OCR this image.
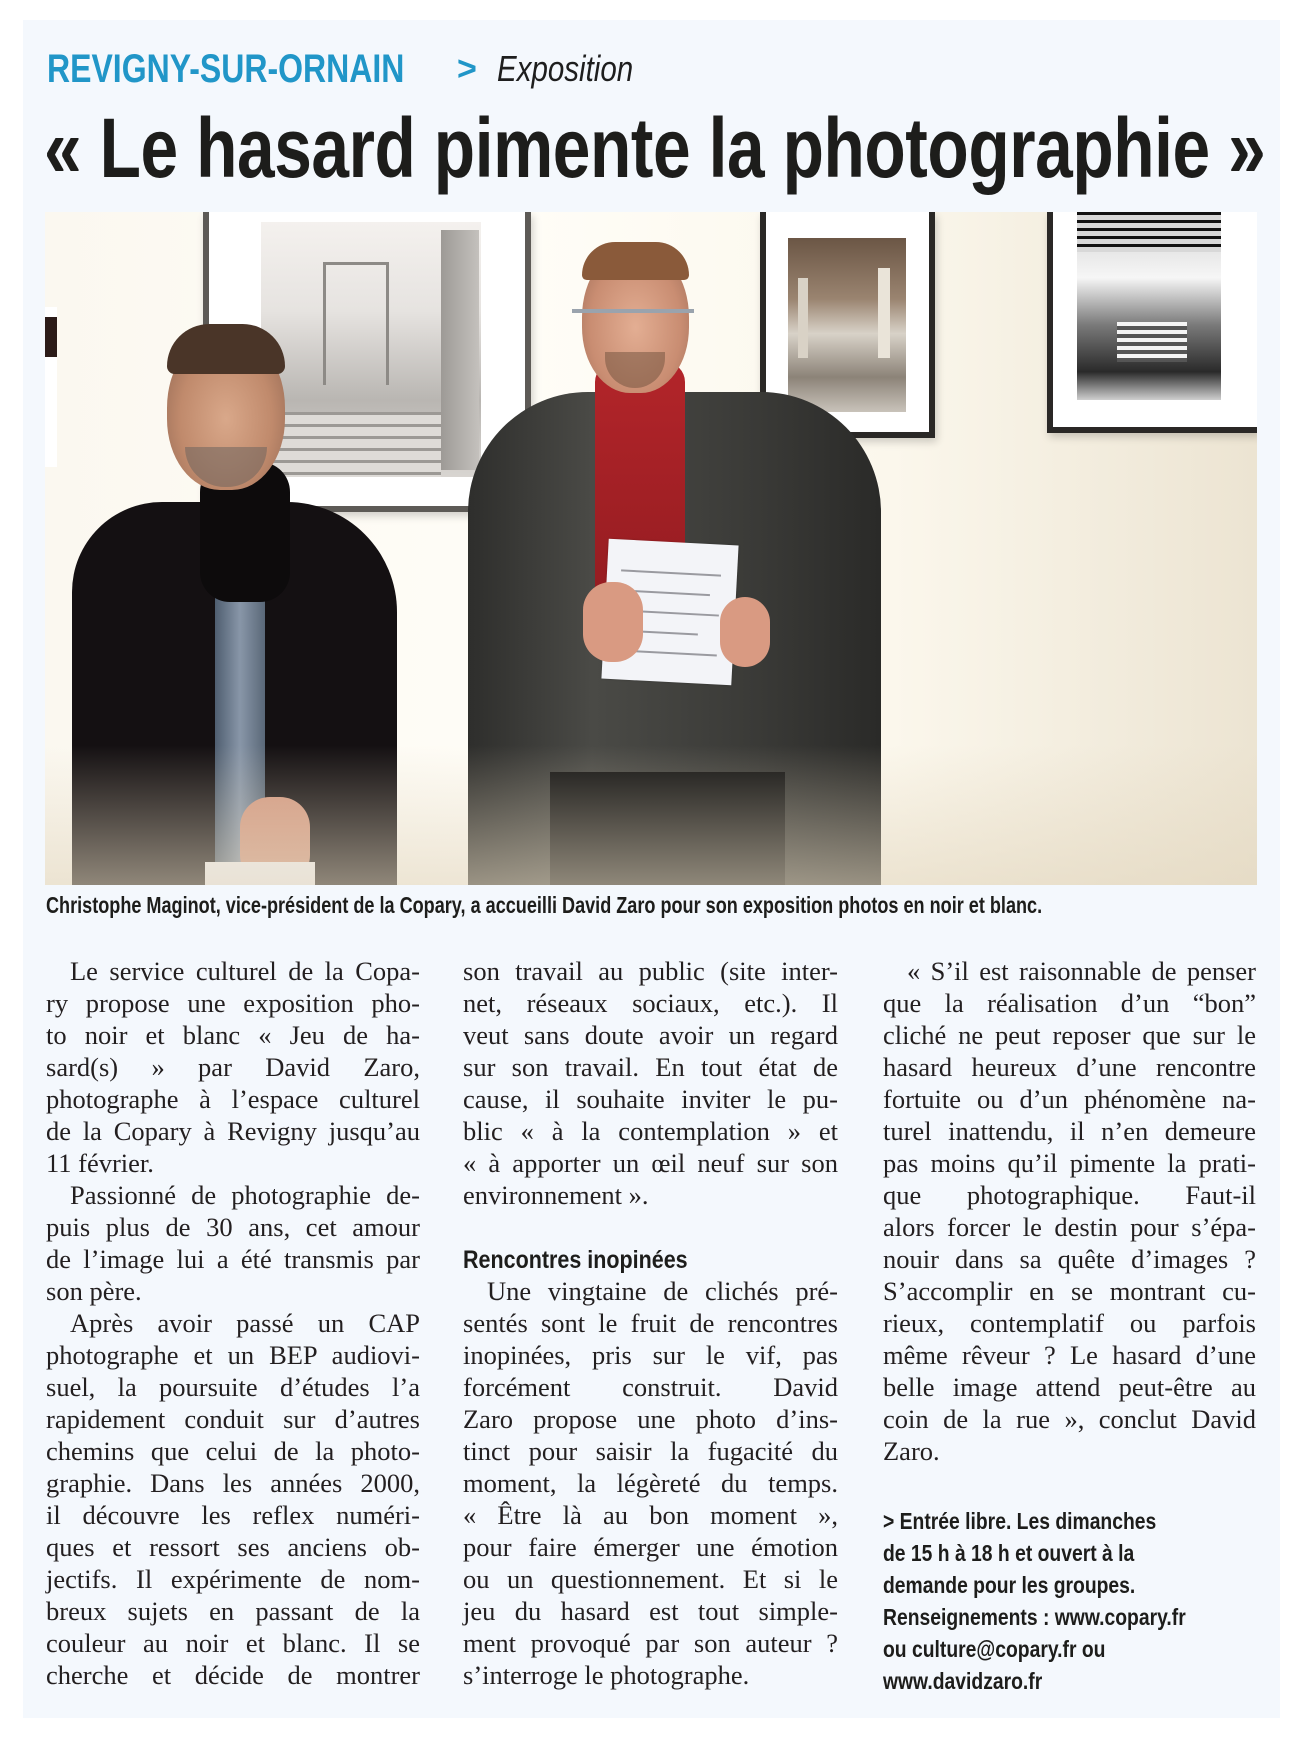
REVIGNY-SUR-ORNAIN > Exposition
« Le hasard pimente la photographie »
Christophe Maginot, vice-président de la Copary, a accueilli David Zaro pour son exposition photos en noir et blanc.
Le service culturel de la Copa-
ry propose une exposition pho-
to noir et blanc « Jeu de ha-
sard(s) » par David Zaro,
photographe à l’espace culturel
de la Copary à Revigny jusqu’au
11 février.
Passionné de photographie de-
puis plus de 30 ans, cet amour
de l’image lui a été transmis par
son père.
Après avoir passé un CAP
photographe et un BEP audiovi-
suel, la poursuite d’études l’a
rapidement conduit sur d’autres
chemins que celui de la photo-
graphie. Dans les années 2000,
il découvre les reflex numéri-
ques et ressort ses anciens ob-
jectifs. Il expérimente de nom-
breux sujets en passant de la
couleur au noir et blanc. Il se
cherche et décide de montrer
son travail au public (site inter-
net, réseaux sociaux, etc.). Il
veut sans doute avoir un regard
sur son travail. En tout état de
cause, il souhaite inviter le pu-
blic « à la contemplation » et
« à apporter un œil neuf sur son
environnement ».
Rencontres inopinées
Une vingtaine de clichés pré-
sentés sont le fruit de rencontres
inopinées, pris sur le vif, pas
forcément construit. David
Zaro propose une photo d’ins-
tinct pour saisir la fugacité du
moment, la légèreté du temps.
« Être là au bon moment »,
pour faire émerger une émotion
ou un questionnement. Et si le
jeu du hasard est tout simple-
ment provoqué par son auteur ?
s’interroge le photographe.
« S’il est raisonnable de penser
que la réalisation d’un “bon”
cliché ne peut reposer que sur le
hasard heureux d’une rencontre
fortuite ou d’un phénomène na-
turel inattendu, il n’en demeure
pas moins qu’il pimente la prati-
que photographique. Faut-il
alors forcer le destin pour s’épa-
nouir dans sa quête d’images ?
S’accomplir en se montrant cu-
rieux, contemplatif ou parfois
même rêveur ? Le hasard d’une
belle image attend peut-être au
coin de la rue », conclut David
Zaro.
> Entrée libre. Les dimanches
de 15 h à 18 h et ouvert à la
demande pour les groupes.
Renseignements : www.copary.fr
ou culture@copary.fr ou
www.davidzaro.fr
